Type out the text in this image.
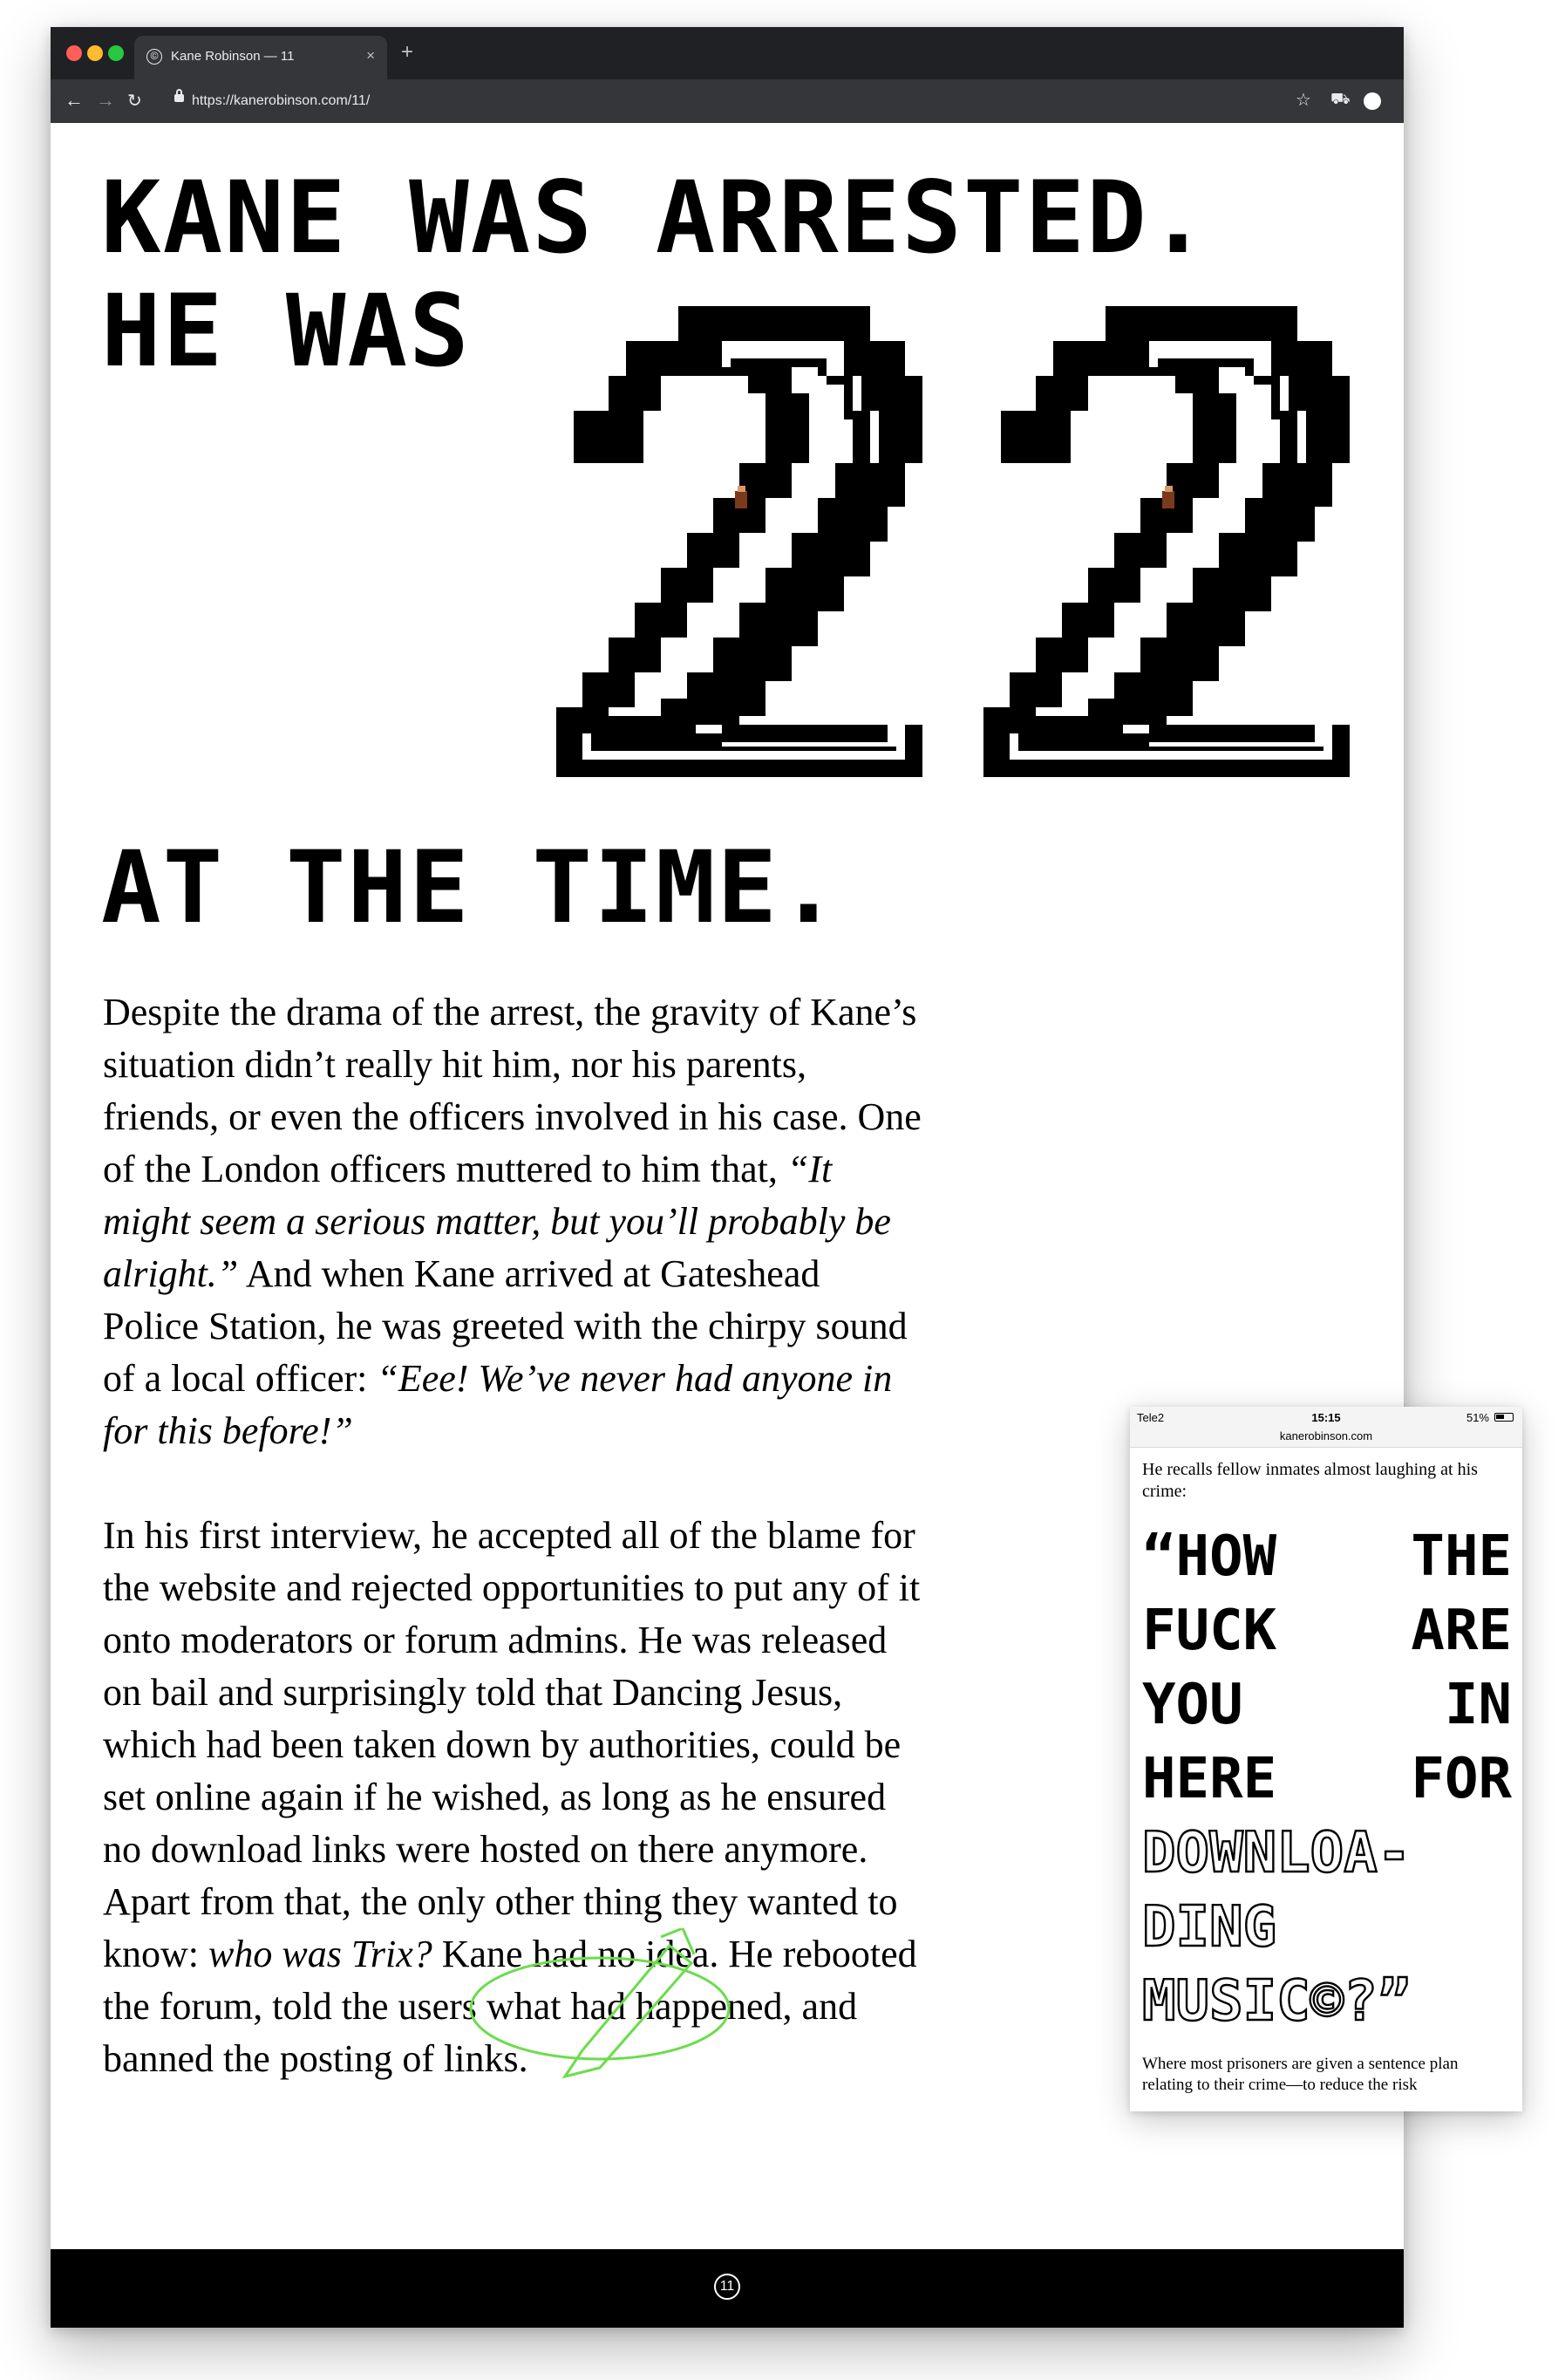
© Kane Robinson — 11	× +
← → ↻	https://kanerobinson.com/11/	☆ ⛟
KANE WAS ARRESTED.
HE WAS
AT THE TIME.

Despite the drama of the arrest, the gravity of Kane’s situation didn’t really hit him, nor his parents, friends, or even the officers involved in his case. One of the London officers muttered to him that, “It might seem a serious matter, but you’ll probably be alright.” And when Kane arrived at Gateshead Police Station, he was greeted with the chirpy sound of a local officer: “Eee! We’ve never had anyone in for this before!”

In his first interview, he accepted all of the blame for the website and rejected opportunities to put any of it onto moderators or forum admins. He was released on bail and surprisingly told that Dancing Jesus, which had been taken down by authorities, could be set online again if he wished, as long as he ensured no download links were hosted on there anymore. Apart from that, the only other thing they wanted to know: who was Trix? Kane had no idea. He rebooted the forum, told the users what had happened, and banned the posting of links.

11
Tele2	15:15	51%
kanerobinson.com
He recalls fellow inmates almost laughing at his crime:
“HOW THE
FUCK ARE
YOU	IN
HERE FOR
DOWNLOA-
DING
MUSIC©?”
Where most prisoners are given a sentence plan relating to their crime—to reduce the risk
